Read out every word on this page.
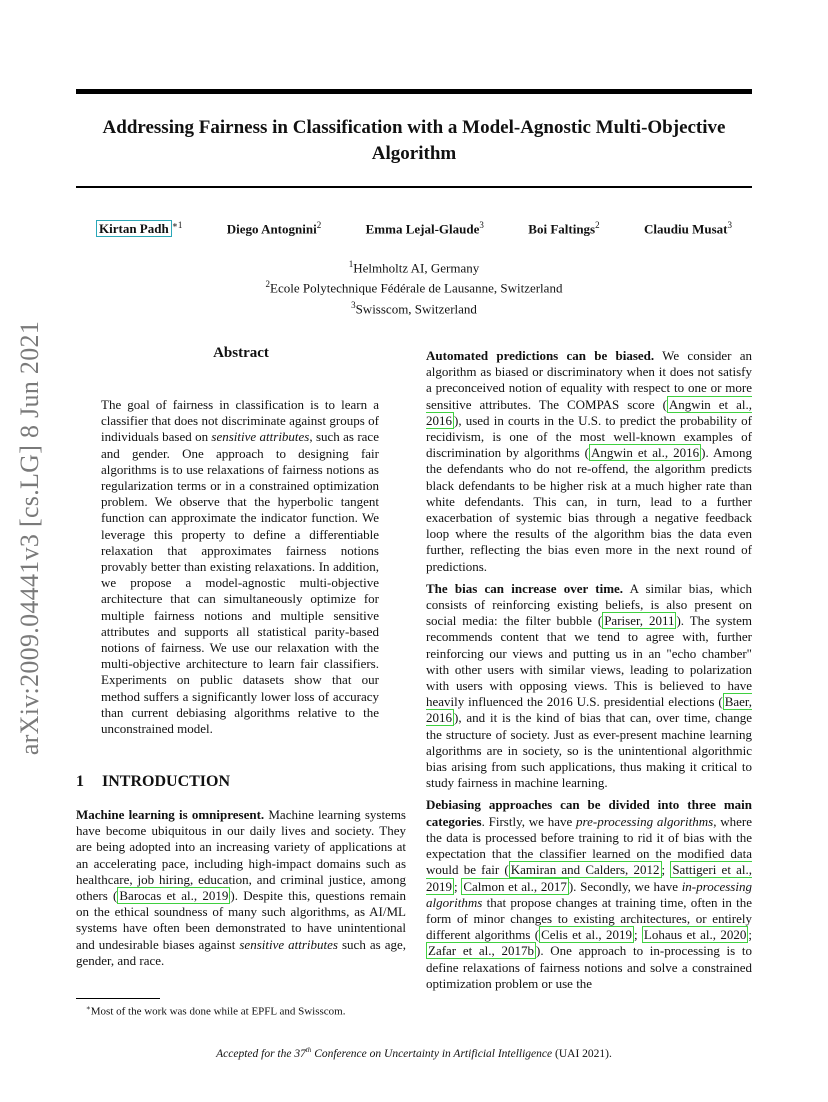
arXiv:2009.04441v3 [cs.LG] 8 Jun 2021
Addressing Fairness in Classification with a Model-Agnostic Multi-Objective Algorithm
Kirtan Padh $^{∗1}$	Diego Antognini$^2$	Emma Lejal-Glaude$^3$	Boi Faltings$^2$	Claudiu Musat$^3$
$^1$Helmholtz AI, Germany
$^2$Ecole Polytechnique Fédérale de Lausanne, Switzerland
$^3$Swisscom, Switzerland
Abstract
The goal of fairness in classification is to learn a classifier that does not discriminate against groups of individuals based on sensitive attributes, such as race and gender. One approach to designing fair algorithms is to use relaxations of fairness notions as regularization terms or in a constrained optimization problem. We observe that the hyperbolic tangent function can approximate the indicator function. We leverage this property to define a differentiable relaxation that approximates fairness notions provably better than existing relaxations. In addition, we propose a model-agnostic multi-objective architecture that can simultaneously optimize for multiple fairness notions and multiple sensitive attributes and supports all statistical parity-based notions of fairness. We use our relaxation with the multi-objective architecture to learn fair classifiers. Experiments on public datasets show that our method suffers a significantly lower loss of accuracy than current debiasing algorithms relative to the unconstrained model.
1 INTRODUCTION

Machine learning is omnipresent. Machine learning systems have become ubiquitous in our daily lives and society. They are being adopted into an increasing variety of applications at an accelerating pace, including high-impact domains such as healthcare, job hiring, education, and criminal justice, among others ( Barocas et al., 2019 ). Despite this, questions remain on the ethical soundness of many such algorithms, as AI/ML systems have often been demonstrated to have unintentional and undesirable biases against sensitive attributes such as age, gender, and race.

∗Most of the work was done while at EPFL and Swisscom.

Automated predictions can be biased. We consider an algorithm as biased or discriminatory when it does not satisfy a preconceived notion of equality with respect to one or more sensitive attributes. The COMPAS score ( Angwin et al., 2016 ), used in courts in the U.S. to predict the probability of recidivism, is one of the most well-known examples of discrimination by algorithms ( Angwin et al., 2016 ). Among the defendants who do not re-offend, the algorithm predicts black defendants to be higher risk at a much higher rate than white defendants. This can, in turn, lead to a further exacerbation of systemic bias through a negative feedback loop where the results of the algorithm bias the data even further, reflecting the bias even more in the next round of predictions.

The bias can increase over time. A similar bias, which consists of reinforcing existing beliefs, is also present on social media: the filter bubble ( Pariser, 2011 ). The system recommends content that we tend to agree with, further reinforcing our views and putting us in an "echo chamber" with other users with similar views, leading to polarization with users with opposing views. This is believed to have heavily influenced the 2016 U.S. presidential elections ( Baer, 2016 ), and it is the kind of bias that can, over time, change the structure of society. Just as ever-present machine learning algorithms are in society, so is the unintentional algorithmic bias arising from such applications, thus making it critical to study fairness in machine learning.

Debiasing approaches can be divided into three main categories. Firstly, we have pre-processing algorithms, where the data is processed before training to rid it of bias with the expectation that the classifier learned on the modified data would be fair ( Kamiran and Calders, 2012 ; Sattigeri et al., 2019 ; Calmon et al., 2017 ). Secondly, we have in-processing algorithms that propose changes at training time, often in the form of minor changes to existing architectures, or entirely different algorithms ( Celis et al., 2019 ; Lohaus et al., 2020 ; Zafar et al., 2017b ). One approach to in-processing is to define relaxations of fairness notions and solve a constrained optimization problem or use the

Accepted for the 37th Conference on Uncertainty in Artificial Intelligence (UAI 2021).
